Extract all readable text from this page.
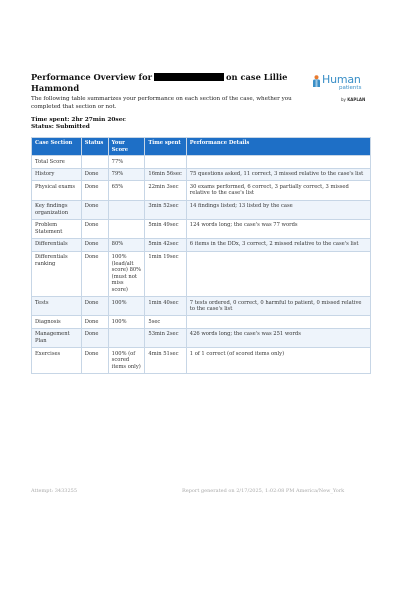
Performance Overview for	on case Lillie Hammond
Human
patients
by KAPLAN
The following table summarizes your performance on each section of the case, whether you completed that section or not.
Time spent: 2hr 27min 20sec
Status: Submitted
Case Section	Status	Your Score	Time spent	Performance Details
Total Score		77%		
History	Done	79%	16min 56sec	75 questions asked, 11 correct, 3 missed relative to the case's list
Physical exams	Done	65%	22min 3sec	30 exams performed, 6 correct, 3 partially correct, 3 missed relative to the case's list
Key findings organization	Done		3min 52sec	14 findings listed; 13 listed by the case
Problem Statement	Done		5min 49sec	124 words long; the case's was 77 words
Differentials	Done	80%	5min 42sec	6 items in the DDx, 3 correct, 2 missed relative to the case's list
Differentials ranking	Done	100% (lead/alt score) 80% (must not miss score)	1min 19sec	
Tests	Done	100%	1min 40sec	7 tests ordered, 0 correct, 0 harmful to patient, 0 missed relative to the case's list
Diagnosis	Done	100%	5sec	
Management Plan	Done		53min 2sec	426 words long; the case's was 251 words
Exercises	Done	100% (of scored items only)	4min 51sec	1 of 1 correct (of scored items only)
Attempt: 3433255	Report generated on 2/17/2025, 1:02:08 PM America/New_York
